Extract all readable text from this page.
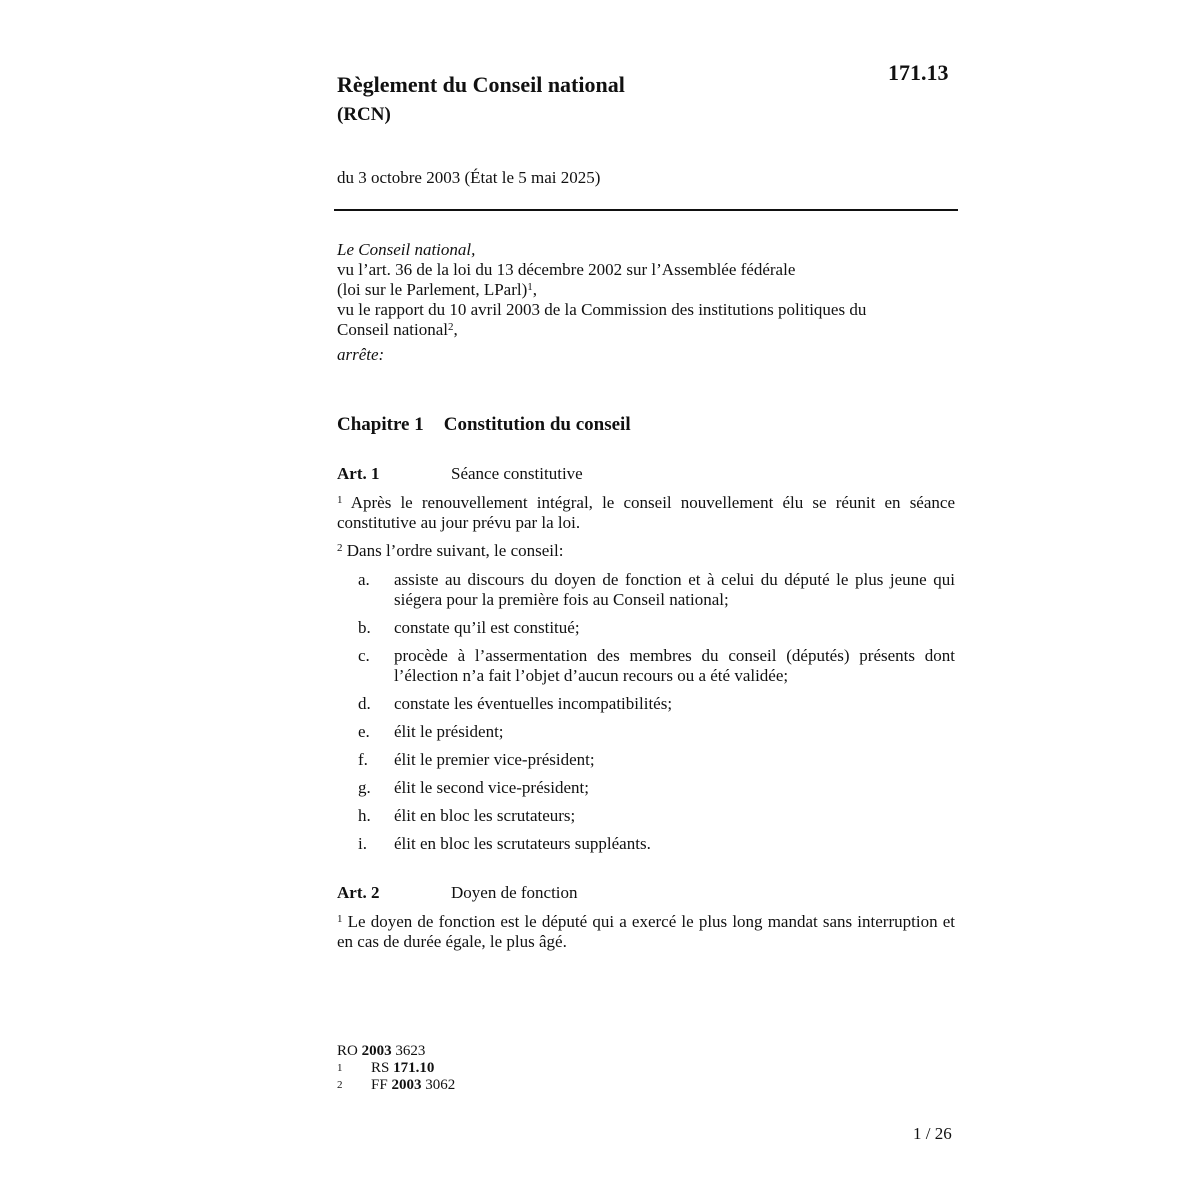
171.13
Règlement du Conseil national
(RCN)
du 3 octobre 2003 (État le 5 mai 2025)
Le Conseil national,
vu l’art. 36 de la loi du 13 décembre 2002 sur l’Assemblée fédérale
(loi sur le Parlement, LParl)$^1$,
vu le rapport du 10 avril 2003 de la Commission des institutions politiques du
Conseil national$^2$,
arrête:
Chapitre 1 Constitution du conseil
Art. 1	Séance constitutive
$^1$ Après le renouvellement intégral, le conseil nouvellement élu se réunit en séance constitutive au jour prévu par la loi.
$^2$ Dans l’ordre suivant, le conseil:
a.	assiste au discours du doyen de fonction et à celui du député le plus jeune qui siégera pour la première fois au Conseil national;
b.	constate qu’il est constitué;
c.	procède à l’assermentation des membres du conseil (députés) présents dont l’élection n’a fait l’objet d’aucun recours ou a été validée;
d.	constate les éventuelles incompatibilités;
e.	élit le président;
f.	élit le premier vice-président;
g.	élit le second vice-président;
h.	élit en bloc les scrutateurs;
i.	élit en bloc les scrutateurs suppléants.
Art. 2	Doyen de fonction
$^1$ Le doyen de fonction est le député qui a exercé le plus long mandat sans interruption et en cas de durée égale, le plus âgé.
RO 2003 3623
1	RS 171.10
2	FF 2003 3062
1 / 26
